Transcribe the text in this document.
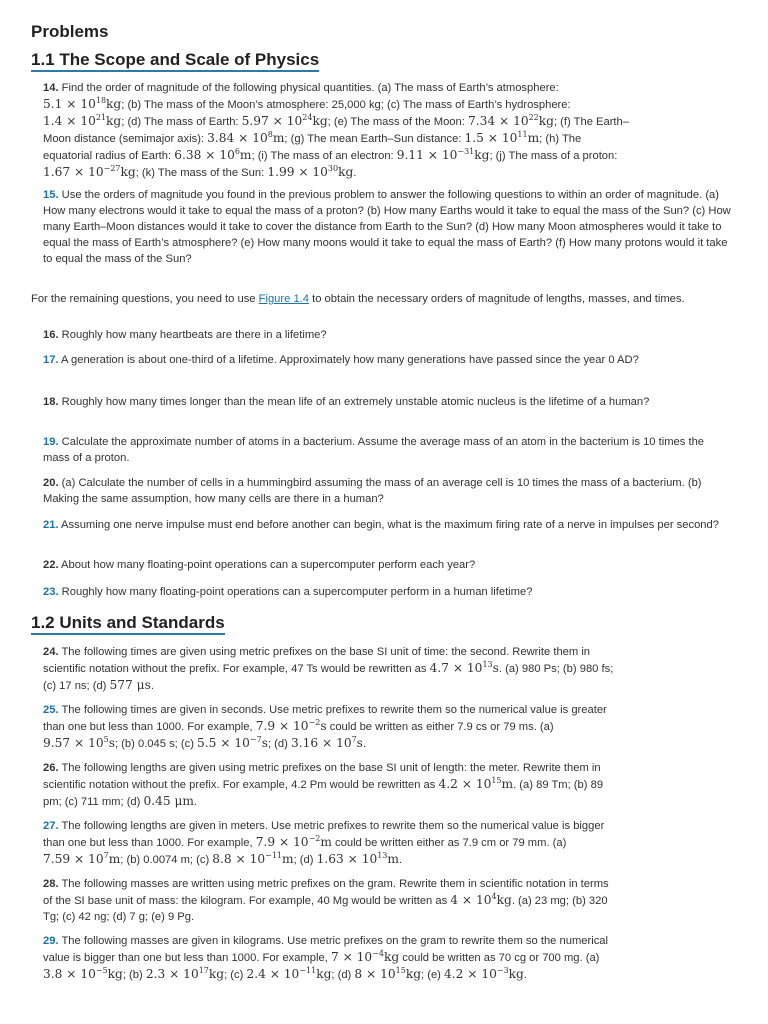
Problems
1.1 The Scope and Scale of Physics

14. Find the order of magnitude of the following physical quantities. (a) The mass of Earth’s atmosphere:
$5.1 \times 10^{18}kg$; (b) The mass of the Moon’s atmosphere: 25,000 kg; (c) The mass of Earth’s hydrosphere:
$1.4 \times 10^{21}kg$; (d) The mass of Earth: $5.97 \times 10^{24}kg$; (e) The mass of the Moon: $7.34 \times 10^{22}kg$; (f) The Earth–
Moon distance (semimajor axis): $3.84 \times 10^8m$; (g) The mean Earth–Sun distance: $1.5 \times 10^{11}m$; (h) The
equatorial radius of Earth: $6.38 \times 10^6m$; (i) The mass of an electron: $9.11 \times 10^{-31}kg$; (j) The mass of a proton:
$1.67 \times 10^{-27}kg$; (k) The mass of the Sun: $1.99 \times 10^{30}kg$.

15. Use the orders of magnitude you found in the previous problem to answer the following questions to within an order of magnitude. (a) How many electrons would it take to equal the mass of a proton? (b) How many Earths would it take to equal the mass of the Sun? (c) How many Earth–Moon distances would it take to cover the distance from Earth to the Sun? (d) How many Moon atmospheres would it take to equal the mass of Earth’s atmosphere? (e) How many moons would it take to equal the mass of Earth? (f) How many protons would it take to equal the mass of the Sun?

For the remaining questions, you need to use Figure 1.4 to obtain the necessary orders of magnitude of lengths, masses, and times.

16. Roughly how many heartbeats are there in a lifetime?

17. A generation is about one-third of a lifetime. Approximately how many generations have passed since the year 0 AD?

18. Roughly how many times longer than the mean life of an extremely unstable atomic nucleus is the lifetime of a human?

19. Calculate the approximate number of atoms in a bacterium. Assume the average mass of an atom in the bacterium is 10 times the mass of a proton.

20. (a) Calculate the number of cells in a hummingbird assuming the mass of an average cell is 10 times the mass of a bacterium. (b) Making the same assumption, how many cells are there in a human?

21. Assuming one nerve impulse must end before another can begin, what is the maximum firing rate of a nerve in impulses per second?

22. About how many floating-point operations can a supercomputer perform each year?

23. Roughly how many floating-point operations can a supercomputer perform in a human lifetime?

1.2 Units and Standards

24. The following times are given using metric prefixes on the base SI unit of time: the second. Rewrite them in
scientific notation without the prefix. For example, 47 Ts would be rewritten as $4.7 \times 10^{13}s$. (a) 980 Ps; (b) 980 fs;
(c) 17 ns; (d) 577 μs.

25. The following times are given in seconds. Use metric prefixes to rewrite them so the numerical value is greater
than one but less than 1000. For example, $7.9 \times 10^{-2}s$ could be written as either 7.9 cs or 79 ms. (a)
$9.57 \times 10^5s$; (b) 0.045 s; (c) $5.5 \times 10^{-7}s$; (d) $3.16 \times 10^7s$.

26. The following lengths are given using metric prefixes on the base SI unit of length: the meter. Rewrite them in
scientific notation without the prefix. For example, 4.2 Pm would be rewritten as $4.2 \times 10^{15}m$. (a) 89 Tm; (b) 89
pm; (c) 711 mm; (d) 0.45 μm.

27. The following lengths are given in meters. Use metric prefixes to rewrite them so the numerical value is bigger
than one but less than 1000. For example, $7.9 \times 10^{-2}m$ could be written either as 7.9 cm or 79 mm. (a)
$7.59 \times 10^7m$; (b) 0.0074 m; (c) $8.8 \times 10^{-11}m$; (d) $1.63 \times 10^{13}m$.

28. The following masses are written using metric prefixes on the gram. Rewrite them in scientific notation in terms
of the SI base unit of mass: the kilogram. For example, 40 Mg would be written as $4 \times 10^4kg$. (a) 23 mg; (b) 320
Tg; (c) 42 ng; (d) 7 g; (e) 9 Pg.

29. The following masses are given in kilograms. Use metric prefixes on the gram to rewrite them so the numerical
value is bigger than one but less than 1000. For example, $7 \times 10^{-4}kg$ could be written as 70 cg or 700 mg. (a)
$3.8 \times 10^{-5}kg$; (b) $2.3 \times 10^{17}kg$; (c) $2.4 \times 10^{-11}kg$; (d) $8 \times 10^{15}kg$; (e) $4.2 \times 10^{-3}kg$.
